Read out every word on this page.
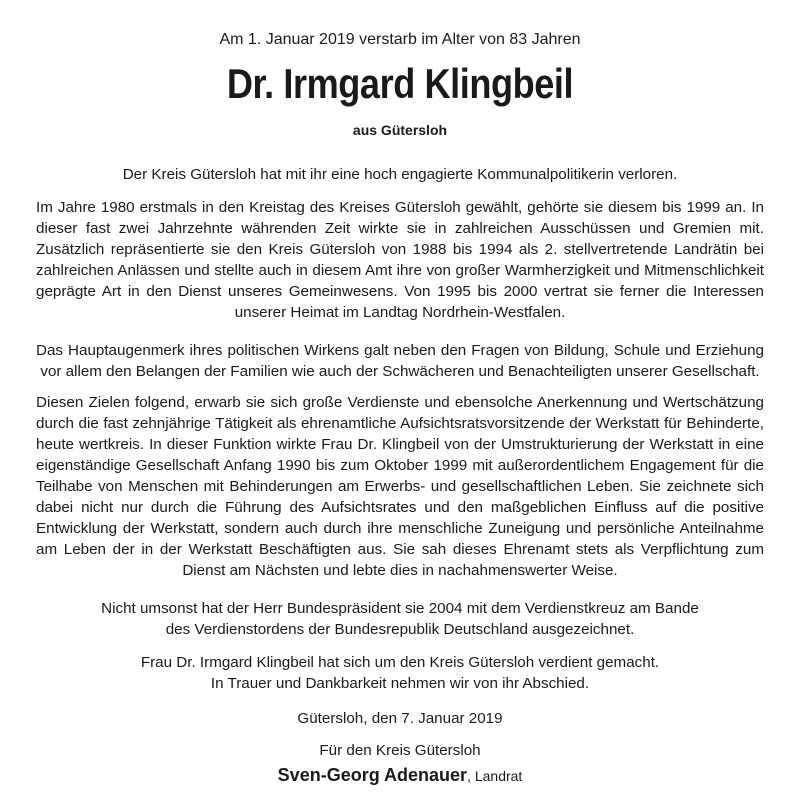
Am 1. Januar 2019 verstarb im Alter von 83 Jahren
Dr. Irmgard Klingbeil
aus Gütersloh

Der Kreis Gütersloh hat mit ihr eine hoch engagierte Kommunalpolitikerin verloren.

Im Jahre 1980 erstmals in den Kreistag des Kreises Gütersloh gewählt, gehörte sie diesem bis 1999 an. In dieser fast zwei Jahrzehnte währenden Zeit wirkte sie in zahlreichen Ausschüssen und Gremien mit. Zusätzlich repräsentierte sie den Kreis Gütersloh von 1988 bis 1994 als 2. stellvertretende Landrätin bei zahlreichen Anlässen und stellte auch in diesem Amt ihre von großer Warmherzigkeit und Mitmenschlichkeit geprägte Art in den Dienst unseres Gemeinwesens. Von 1995 bis 2000 vertrat sie ferner die Interessen unserer Heimat im Landtag Nordrhein-Westfalen.

Das Hauptaugenmerk ihres politischen Wirkens galt neben den Fragen von Bildung, Schule und Erziehung vor allem den Belangen der Familien wie auch der Schwächeren und Benachteiligten unserer Gesellschaft.

Diesen Zielen folgend, erwarb sie sich große Verdienste und ebensolche Anerkennung und Wertschätzung durch die fast zehnjährige Tätigkeit als ehrenamtliche Aufsichtsratsvorsitzende der Werkstatt für Behinderte, heute wertkreis. In dieser Funktion wirkte Frau Dr. Klingbeil von der Umstrukturierung der Werkstatt in eine eigenständige Gesellschaft Anfang 1990 bis zum Oktober 1999 mit außerordentlichem Engagement für die Teilhabe von Menschen mit Behinderungen am Erwerbs- und gesellschaftlichen Leben. Sie zeichnete sich dabei nicht nur durch die Führung des Aufsichtsrates und den maßgeblichen Einfluss auf die positive Entwicklung der Werkstatt, sondern auch durch ihre menschliche Zuneigung und persönliche Anteilnahme am Leben der in der Werkstatt Beschäftigten aus. Sie sah dieses Ehrenamt stets als Verpflichtung zum Dienst am Nächsten und lebte dies in nachahmenswerter Weise.

Nicht umsonst hat der Herr Bundespräsident sie 2004 mit dem Verdienstkreuz am Bande
des Verdienstordens der Bundesrepublik Deutschland ausgezeichnet.

Frau Dr. Irmgard Klingbeil hat sich um den Kreis Gütersloh verdient gemacht.
In Trauer und Dankbarkeit nehmen wir von ihr Abschied.

Gütersloh, den 7. Januar 2019

Für den Kreis Gütersloh

Sven-Georg Adenauer, Landrat
